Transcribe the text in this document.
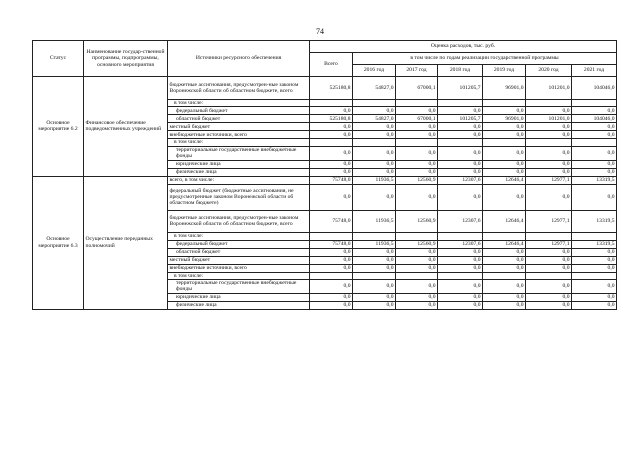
74
Статус	Наименование государ-ственной программы, подпрограммы, основного мероприятия	Источники ресурсного обеспечения	Оценка расходов, тыс. руб.						
			Всего	в том числе по годам реализации государственной программы					
				2016 год	2017 год	2018 год	2019 год	2020 год	2021 год
Основное мероприятие 6.2	Финансовое обеспечение подведомственных учреждений	бюджетные ассигнования, предусмотрен-ные законом Воронежской области об областном бюджете, всего	525180,8	54827,0	67000,1	101205,7	96901,0	101201,0	104046,0
		в том числе:							
		федеральный бюджет	0,0	0,0	0,0	0,0	0,0	0,0	0,0
		областной бюджет	525180,8	54827,0	67000,1	101205,7	96901,0	101201,0	104046,0
		местный бюджет	0,0	0,0	0,0	0,0	0,0	0,0	0,0
		внебюджетные источники, всего	0,0	0,0	0,0	0,0	0,0	0,0	0,0
		в том числе:							
		территориальные государственные внебюджетные фонды	0,0	0,0	0,0	0,0	0,0	0,0	0,0
		юридические лица	0,0	0,0	0,0	0,0	0,0	0,0	0,0
		физические лица	0,0	0,0	0,0	0,0	0,0	0,0	0,0
Основное мероприятие 6.3	Осуществление переданных полномочий	всего, в том числе:	75748,0	11936,5	12560,9	12307,6	12646,4	12977,1	13319,5
		федеральный бюджет (бюджетные ассигнования, не предусмотренные законом Воронежской области об областном бюджете)	0,0	0,0	0,0	0,0	0,0	0,0	0,0
		бюджетные ассигнования, предусмотрен-ные законом Воронежской области об областном бюджете, всего	75748,0	11936,5	12560,9	12307,6	12646,4	12977,1	13319,5
		в том числе:							
		федеральный бюджет	75748,0	11936,5	12560,9	12307,6	12646,4	12977,1	13319,5
		областной бюджет	0,0	0,0	0,0	0,0	0,0	0,0	0,0
		местный бюджет	0,0	0,0	0,0	0,0	0,0	0,0	0,0
		внебюджетные источники, всего	0,0	0,0	0,0	0,0	0,0	0,0	0,0
		в том числе:							
		территориальные государственные внебюджетные фонды	0,0	0,0	0,0	0,0	0,0	0,0	0,0
		юридические лица	0,0	0,0	0,0	0,0	0,0	0,0	0,0
		физические лица	0,0	0,0	0,0	0,0	0,0	0,0	0,0
